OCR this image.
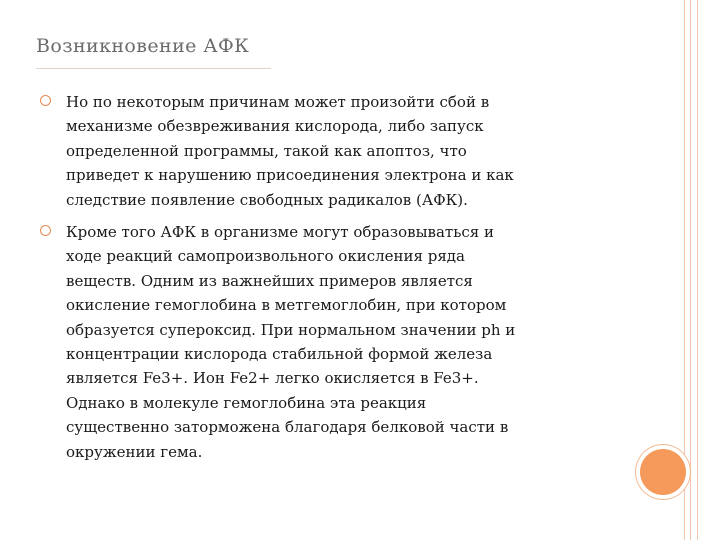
Возникновение АФК
Но по некоторым причинам может произойти сбой в
механизме обезвреживания кислорода, либо запуск
определенной программы, такой как апоптоз, что
приведет к нарушению присоединения электрона и как
следствие появление свободных радикалов (АФК).
Кроме того АФК в организме могут образовываться и
ходе реакций самопроизвольного окисления ряда
веществ. Одним из важнейших примеров является
окисление гемоглобина в метгемоглобин, при котором
образуется супероксид. При нормальном значении ph и
концентрации кислорода стабильной формой железа
является Fe3+. Ион Fe2+ легко окисляется в Fe3+.
Однако в молекуле гемоглобина эта реакция
существенно заторможена благодаря белковой части в
окружении гема.
